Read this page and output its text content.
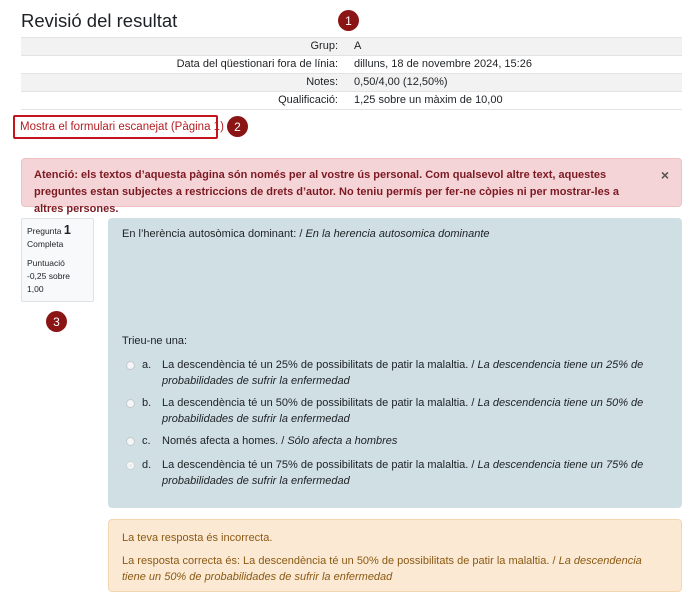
Revisió del resultat	1
Grup:	A
Data del qüestionari fora de línia:	dilluns, 18 de novembre 2024, 15:26
Notes:	0,50/4,00 (12,50%)
Qualificació:	1,25 sobre un màxim de 10,00
Mostra el formulari escanejat (Pàgina 1) 2
Atenció: els textos d’aquesta pàgina són només per al vostre ús personal. Com qualsevol altre text, aquestes preguntes estan subjectes a restriccions de drets d’autor. No teniu permís per fer-ne còpies ni per mostrar-les a altres persones.
×
Pregunta 1
Completa
Puntuació
-0,25 sobre 1,00
3
En l’herència autosòmica dominant: / En la herencia autosomica dominante
Trieu-ne una:
a. La descendència té un 25% de possibilitats de patir la malaltia. / La descendencia tiene un 25% de probabilidades de sufrir la enfermedad
b. La descendència té un 50% de possibilitats de patir la malaltia. / La descendencia tiene un 50% de probabilidades de sufrir la enfermedad
c.	Només afecta a homes. / Sólo afecta a hombres
d. La descendència té un 75% de possibilitats de patir la malaltia. / La descendencia tiene un 75% de probabilidades de sufrir la enfermedad
La teva resposta és incorrecta.
La resposta correcta és: La descendència té un 50% de possibilitats de patir la malaltia. / La descendencia tiene un 50% de probabilidades de sufrir la enfermedad
